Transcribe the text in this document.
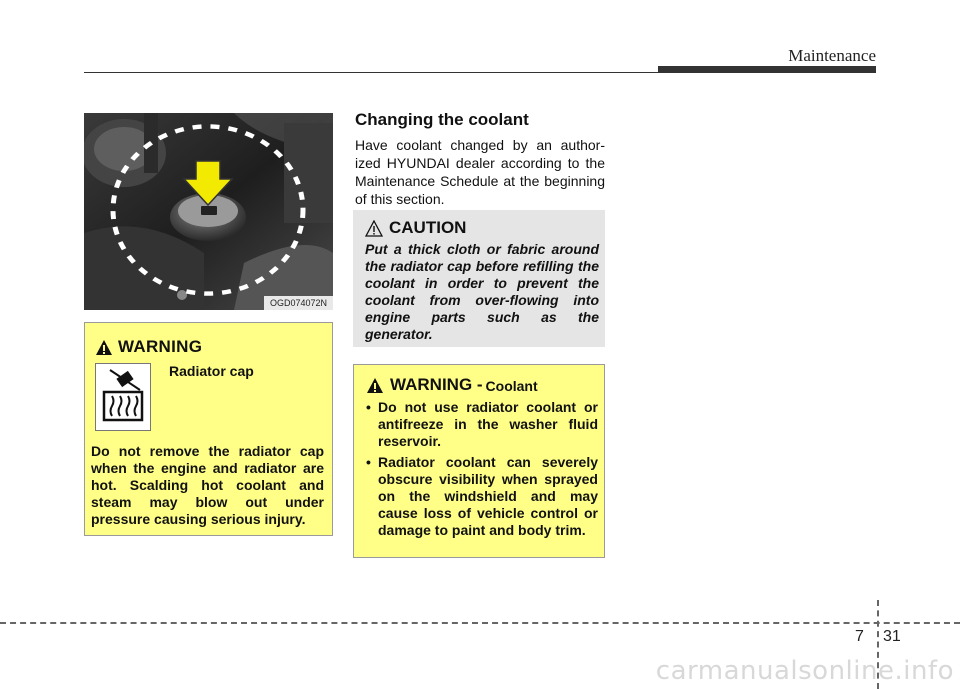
Maintenance
OGD074072N
WARNING
Radiator cap
Do not remove the radiator cap when the engine and radiator are hot. Scalding hot coolant and steam may blow out under pressure causing serious injury.
Changing the coolant
Have coolant changed by an author-ized HYUNDAI dealer according to the Maintenance Schedule at the beginning of this section.
CAUTION
Put a thick cloth or fabric around the radiator cap before refilling the coolant in order to prevent the coolant from over-flowing into engine parts such as the generator.
WARNING - Coolant
• Do not use radiator coolant or antifreeze in the washer fluid reservoir.
• Radiator coolant can severely obscure visibility when sprayed on the windshield and may cause loss of vehicle control or damage to paint and body trim.
7 31
carmanualsonline.info
